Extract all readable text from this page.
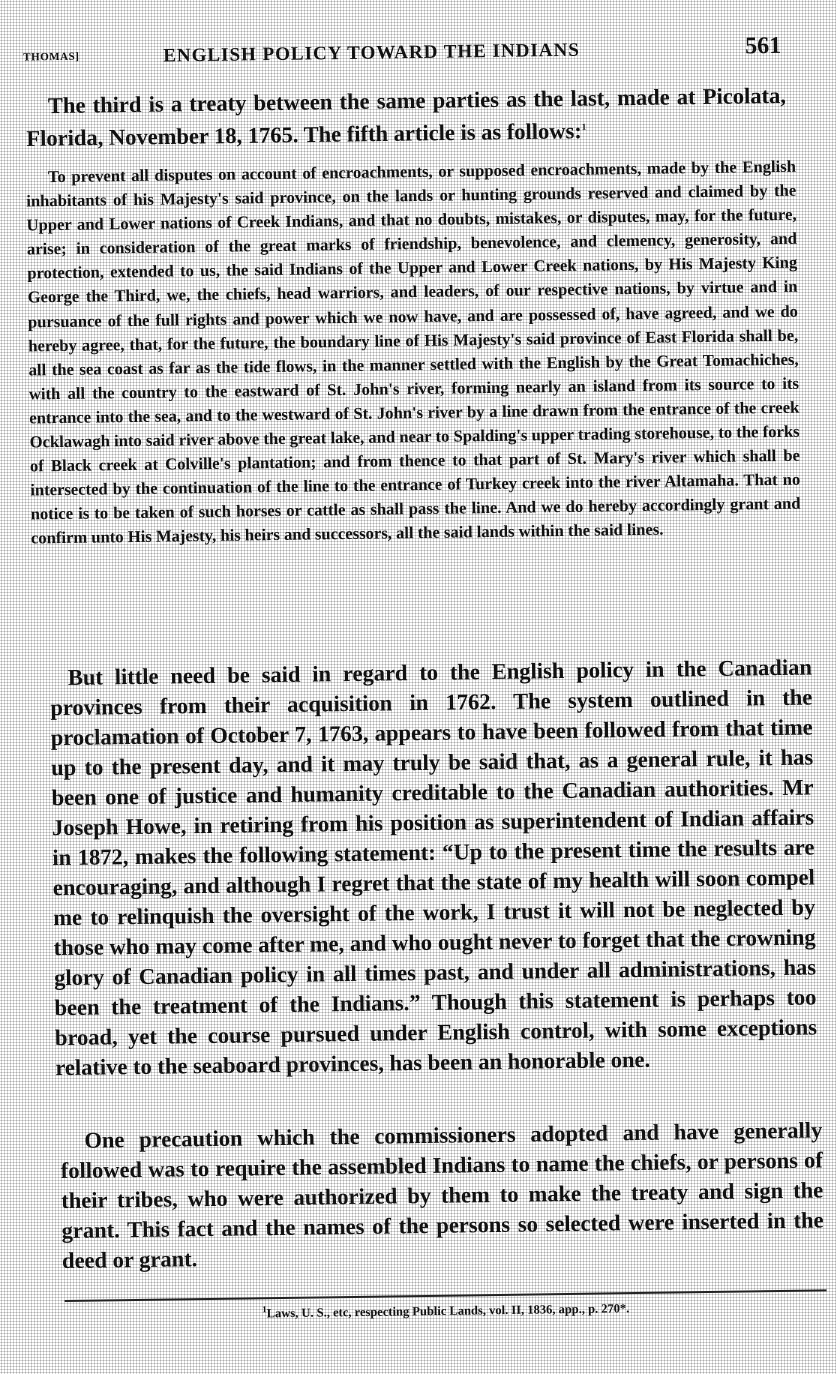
THOMAS]	ENGLISH POLICY TOWARD THE INDIANS	561

The third is a treaty between the same parties as the last, made at Picolata, Florida, November 18, 1765. The fifth article is as follows:$^1$

To prevent all disputes on account of encroachments, or supposed encroachments, made by the English inhabitants of his Majesty's said province, on the lands or hunting grounds reserved and claimed by the Upper and Lower nations of Creek Indians, and that no doubts, mistakes, or disputes, may, for the future, arise; in consideration of the great marks of friendship, benevolence, and clemency, generosity, and protection, extended to us, the said Indians of the Upper and Lower Creek nations, by His Majesty King George the Third, we, the chiefs, head warriors, and leaders, of our respective nations, by virtue and in pursuance of the full rights and power which we now have, and are possessed of, have agreed, and we do hereby agree, that, for the future, the boundary line of His Majesty's said province of East Florida shall be, all the sea coast as far as the tide flows, in the manner settled with the English by the Great Tomachiches, with all the country to the eastward of St. John's river, forming nearly an island from its source to its entrance into the sea, and to the westward of St. John's river by a line drawn from the entrance of the creek Ocklawagh into said river above the great lake, and near to Spalding's upper trading storehouse, to the forks of Black creek at Colville's plantation; and from thence to that part of St. Mary's river which shall be intersected by the continuation of the line to the entrance of Turkey creek into the river Altamaha. That no notice is to be taken of such horses or cattle as shall pass the line. And we do hereby accordingly grant and confirm unto His Majesty, his heirs and successors, all the said lands within the said lines.

But little need be said in regard to the English policy in the Canadian provinces from their acquisition in 1762. The system outlined in the proclamation of October 7, 1763, appears to have been followed from that time up to the present day, and it may truly be said that, as a general rule, it has been one of justice and humanity creditable to the Canadian authorities. Mr Joseph Howe, in retiring from his position as superintendent of Indian affairs in 1872, makes the following statement: “Up to the present time the results are encouraging, and although I regret that the state of my health will soon compel me to relinquish the oversight of the work, I trust it will not be neglected by those who may come after me, and who ought never to forget that the crowning glory of Canadian policy in all times past, and under all administrations, has been the treatment of the Indians.” Though this statement is perhaps too broad, yet the course pursued under English control, with some exceptions relative to the seaboard provinces, has been an honorable one.

One precaution which the commissioners adopted and have generally followed was to require the assembled Indians to name the chiefs, or persons of their tribes, who were authorized by them to make the treaty and sign the grant. This fact and the names of the persons so selected were inserted in the deed or grant.

$^1$Laws, U. S., etc, respecting Public Lands, vol. II, 1836, app., p. 270*.
